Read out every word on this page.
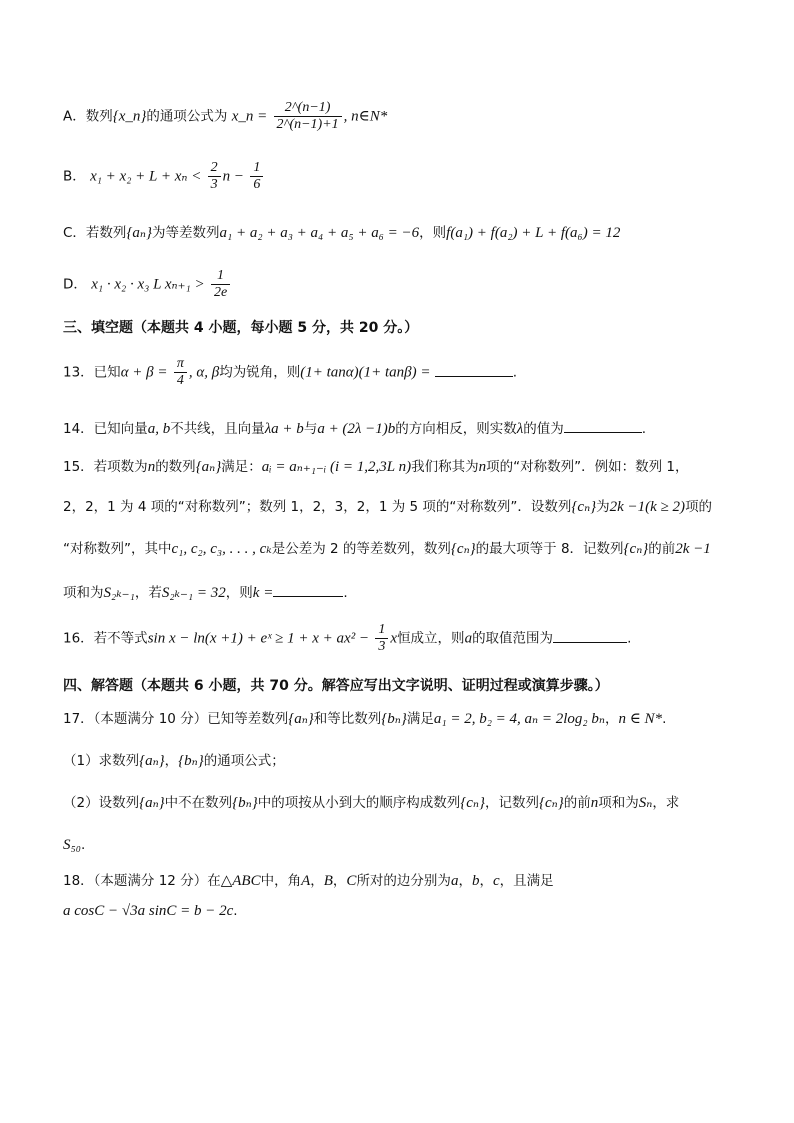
A．数列{x_n}的通项公式为 x_n = $\frac{2\^{}(n-1)}{2\^{}(n-1)+1}$ , n∈N*
B． $x_1 + x_2 + L + x_n < \frac{2}{3}$ $n - \frac{1}{6}$
C．若数列{aₙ}为等差数列a₁ + a₂ + a₃ + a₄ + a₅ + a₆ = −6，则f(a₁) + f(a₂) + L + f(a₆) = 12
D． x₁ · x₂ · x₃ L $x_{n+1} > \frac{1}{2e}$
三、填空题（本题共 4 小题，每小题 5 分，共 20 分。）
13．已知$\alpha + \beta = \frac{\pi}{4}$ , α, β均为锐角，则(1+ tanα)(1+ tanβ) =	.
14．已知向量a, b不共线，且向量λa + b与a + (2λ −1)b的方向相反，则实数λ的值为	.
15．若项数为n的数列{aₙ}满足：aᵢ = aₙ₊₁₋ᵢ (i = 1,2,3L n)我们称其为n项的“对称数列”．例如：数列 1，
2，2，1 为 4 项的“对称数列”；数列 1，2，3，2，1 为 5 项的“对称数列”．设数列{cₙ}为2k −1(k ≥ 2)项的
“对称数列”，其中c₁, c₂, c₃, . . . , cₖ是公差为 2 的等差数列，数列{cₙ}的最大项等于 8．记数列{cₙ}的前2k −1
项和为S₂ₖ₋₁，若S₂ₖ₋₁ = 32，则k =	.
16．若不等式sin x − ln(x +1) + eˣ ≥ $1 + x + ax^2 - \frac{1}{3}$ x恒成立，则a的取值范围为	.
四、解答题（本题共 6 小题，共 70 分。解答应写出文字说明、证明过程或演算步骤。）
17．（本题满分 10 分）已知等差数列{aₙ}和等比数列{bₙ}满足a₁ = 2, b₂ = 4, aₙ = 2log₂ bₙ，n ∈ N*.
（1）求数列{aₙ}，{bₙ}的通项公式；
（2）设数列{aₙ}中不在数列{bₙ}中的项按从小到大的顺序构成数列{cₙ}，记数列{cₙ}的前n项和为Sₙ，求
S₅₀.
18．（本题满分 12 分）在△ABC中，角A，B，C所对的边分别为a，b，c，且满足
a cosC − √3a sinC = b − 2c.
